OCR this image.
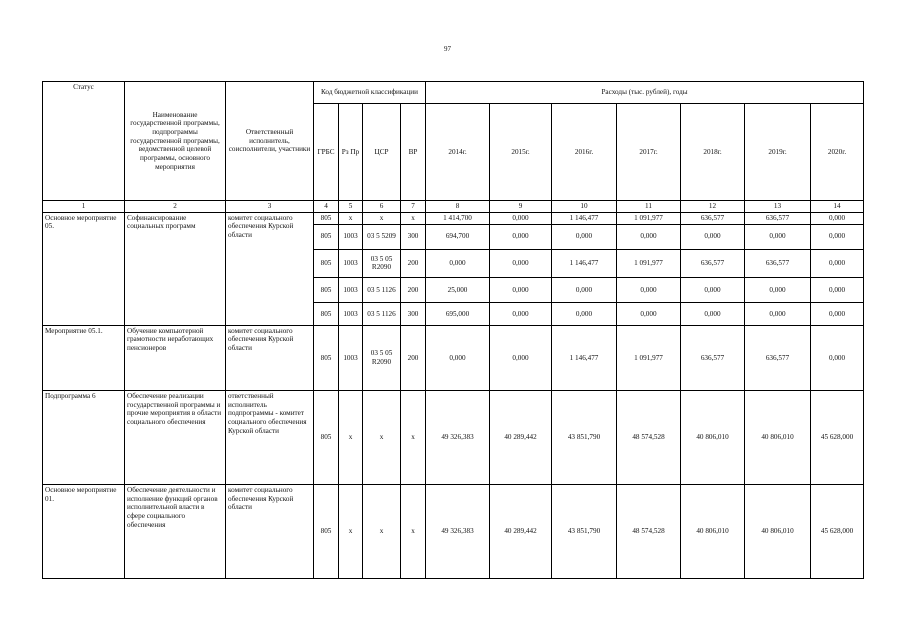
97
Статус	Наименование государственной программы, подпрограммы государственной программы, ведомственной целевой программы, основного мероприятия	Ответственный исполнитель, соисполнители, участники	Код бюджетной классификации				Расходы (тыс. рублей), годы						
			ГРБС	Рз Пр	ЦСР	ВР	2014г.	2015г.	2016г.	2017г.	2018г.	2019г.	2020г.
1	2	3	4	5	6	7	8	9	10	11	12	13	14
Основное мероприятие 05.	Софинансирование социальных программ	комитет социального обеспечения Курской области	805	x	x	x	1 414,700	0,000	1 146,477	1 091,977	636,577	636,577	0,000
			805	1003	03 5 5209	300	694,700	0,000	0,000	0,000	0,000	0,000	0,000
			805	1003	03 5 05 R2090	200	0,000	0,000	1 146,477	1 091,977	636,577	636,577	0,000
			805	1003	03 5 1126	200	25,000	0,000	0,000	0,000	0,000	0,000	0,000
			805	1003	03 5 1126	300	695,000	0,000	0,000	0,000	0,000	0,000	0,000
Мероприятие 05.1.	Обучение компьютерной грамотности неработающих пенсионеров	комитет социального обеспечения Курской области	805	1003	03 5 05 R2090	200	0,000	0,000	1 146,477	1 091,977	636,577	636,577	0,000
Подпрограмма 6	Обеспечение реализации государственной программы и прочие мероприятия в области социального обеспечения	ответственный исполнитель подпрограммы - комитет социального обеспечения Курской области	805	x	x	x	49 326,383	40 289,442	43 851,790	48 574,528	40 806,010	40 806,010	45 628,000
Основное мероприятие 01.	Обеспечение деятельности и исполнение функций органов исполнительной власти в сфере социального обеспечения	комитет социального обеспечения Курской области	805	x	x	x	49 326,383	40 289,442	43 851,790	48 574,528	40 806,010	40 806,010	45 628,000
